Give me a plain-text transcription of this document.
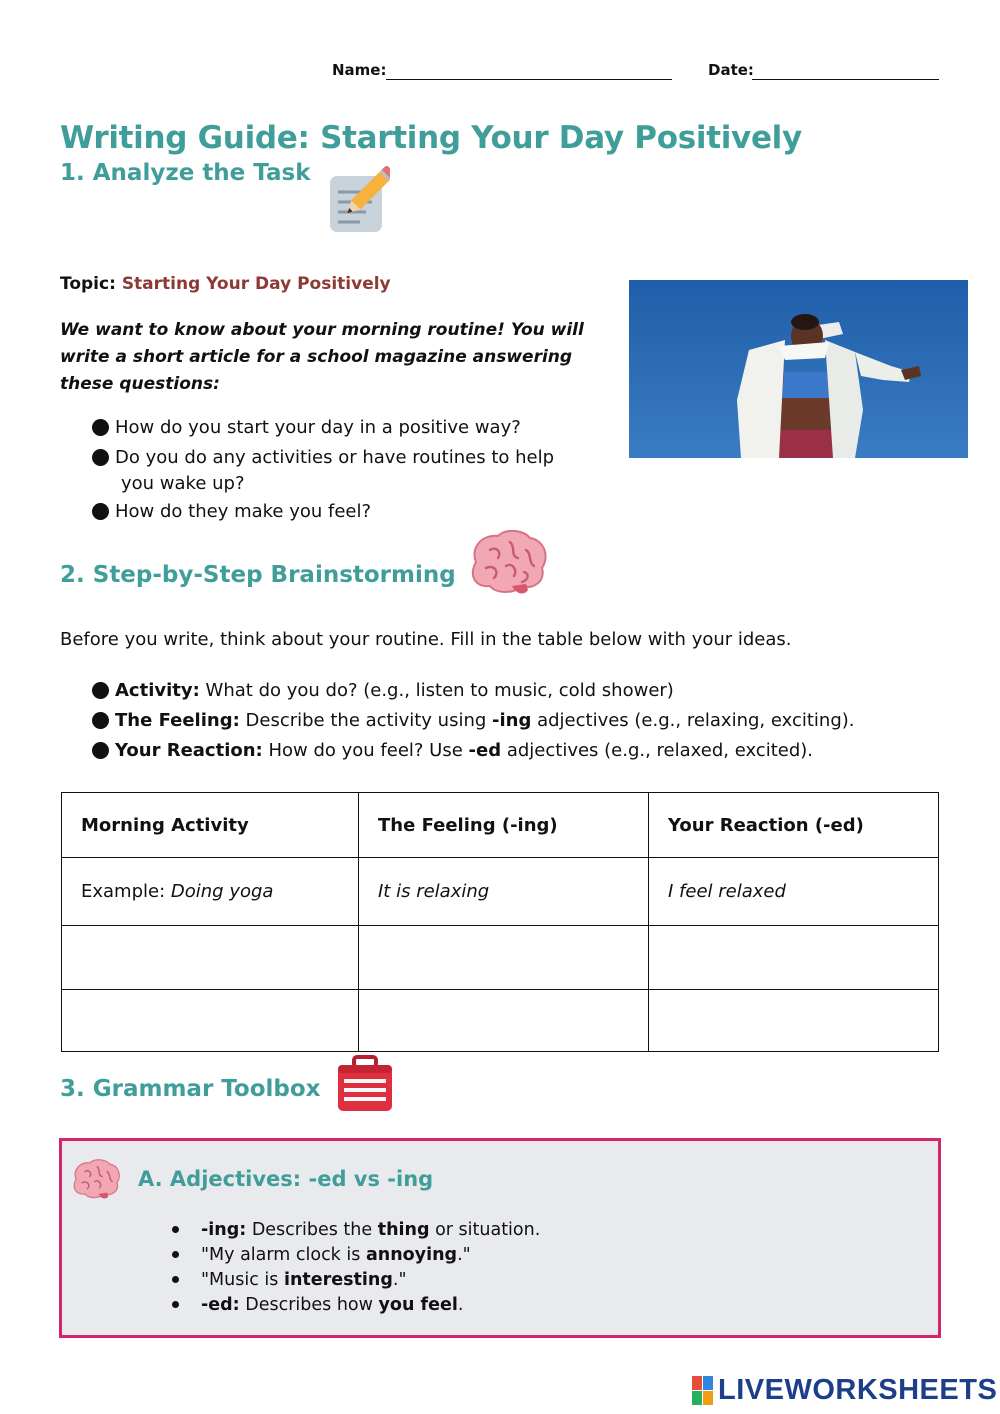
Name:	Date:
Writing Guide: Starting Your Day Positively
1. Analyze the Task
Topic: Starting Your Day Positively
We want to know about your morning routine! You will
write a short article for a school magazine answering
these questions:
How do you start your day in a positive way?
Do you do any activities or have routines to help
you wake up?
How do they make you feel?
2. Step-by-Step Brainstorming
Before you write, think about your routine. Fill in the table below with your ideas.
Activity: What do you do? (e.g., listen to music, cold shower)
The Feeling: Describe the activity using -ing adjectives (e.g., relaxing, exciting).
Your Reaction: How do you feel? Use -ed adjectives (e.g., relaxed, excited).
Morning Activity	The Feeling (-ing)	Your Reaction (-ed)
Example: Doing yoga	It is relaxing	I feel relaxed

3. Grammar Toolbox
A. Adjectives: -ed vs -ing
-ing: Describes the thing or situation.
"My alarm clock is annoying."
"Music is interesting."
-ed: Describes how you feel.
LIVEWORKSHEETS
